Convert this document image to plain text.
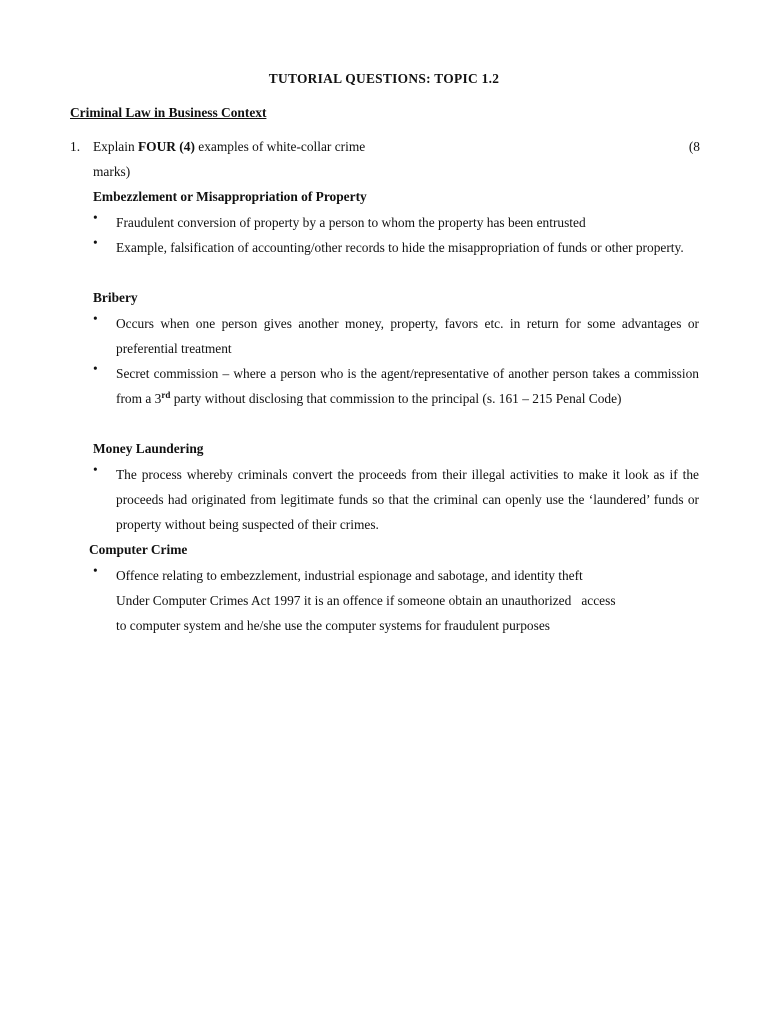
TUTORIAL QUESTIONS: TOPIC 1.2
Criminal Law in Business Context
1. Explain FOUR (4) examples of white-collar crime	(8
marks)
Embezzlement or Misappropriation of Property
• Fraudulent conversion of property by a person to whom the property has been entrusted
• Example, falsification of accounting/other records to hide the misappropriation of funds or other property.
Bribery
• Occurs when one person gives another money, property, favors etc. in return for some advantages or preferential treatment
• Secret commission – where a person who is the agent/representative of another person takes a commission from a 3rd party without disclosing that commission to the principal (s. 161 – 215 Penal Code)
Money Laundering
• The process whereby criminals convert the proceeds from their illegal activities to make it look as if the proceeds had originated from legitimate funds so that the criminal can openly use the ‘laundered’ funds or property without being suspected of their crimes.
Computer Crime
• Offence relating to embezzlement, industrial espionage and sabotage, and identity theft
Under Computer Crimes Act 1997 it is an offence if someone obtain an unauthorized   access
to computer system and he/she use the computer systems for fraudulent purposes
